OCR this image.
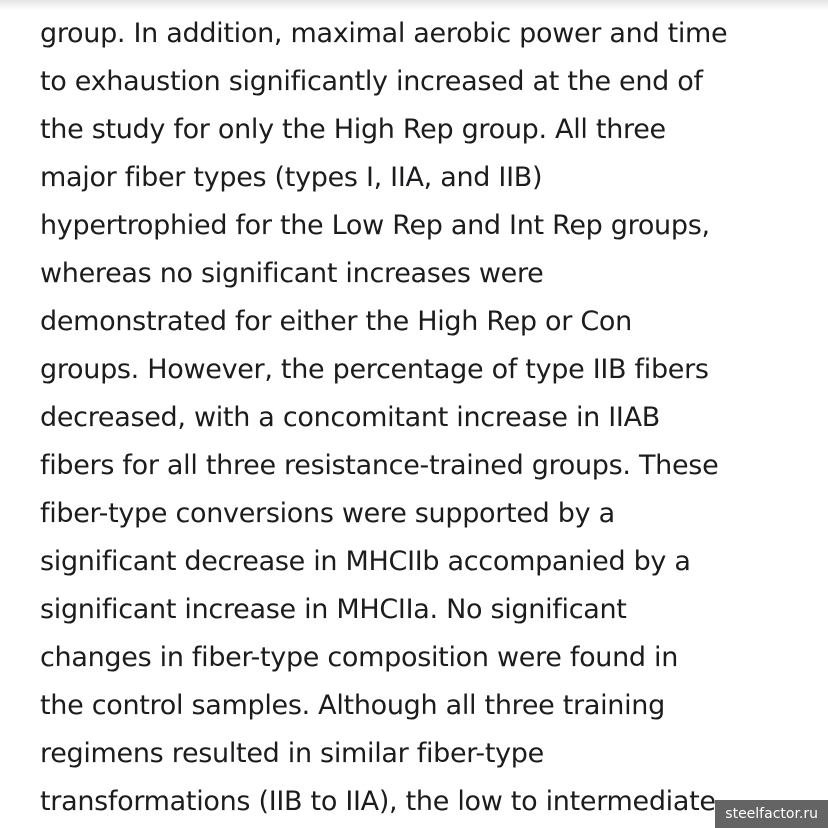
group. In addition, maximal aerobic power and time
to exhaustion significantly increased at the end of
the study for only the High Rep group. All three
major fiber types (types I, IIA, and IIB)
hypertrophied for the Low Rep and Int Rep groups,
whereas no significant increases were
demonstrated for either the High Rep or Con
groups. However, the percentage of type IIB fibers
decreased, with a concomitant increase in IIAB
fibers for all three resistance-trained groups. These
fiber-type conversions were supported by a
significant decrease in MHCIIb accompanied by a
significant increase in MHCIIa. No significant
changes in fiber-type composition were found in
the control samples. Although all three training
regimens resulted in similar fiber-type
transformations (IIB to IIA), the low to intermediate steelfactor.ru
